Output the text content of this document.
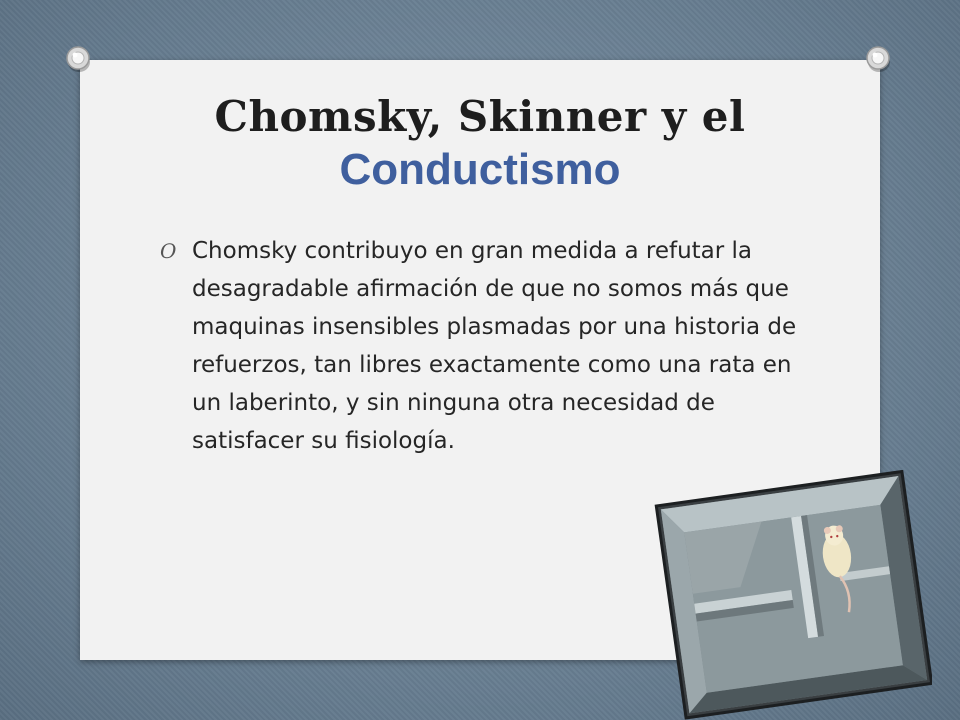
Chomsky, Skinner y el
Conductismo
O Chomsky contribuyo en gran medida a refutar la desagradable afirmación de que no somos más que maquinas insensibles plasmadas por una historia de refuerzos, tan libres exactamente como una rata en un laberinto, y sin ninguna otra necesidad de satisfacer su fisiología.
